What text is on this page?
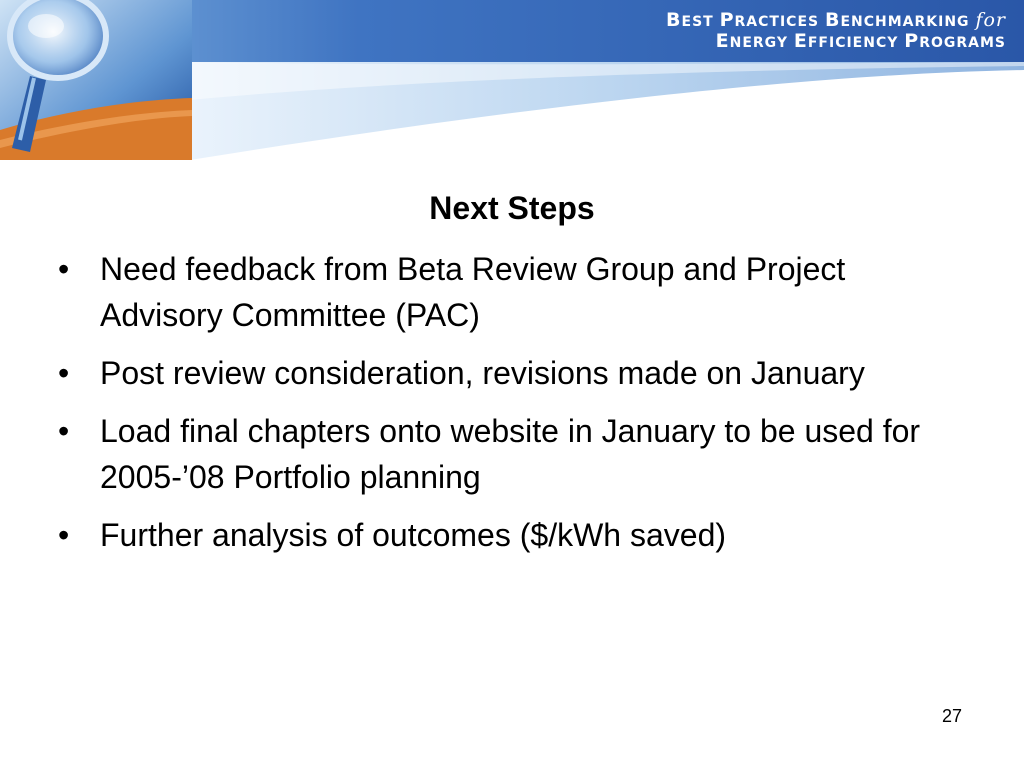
BEST PRACTICES BENCHMARKING for
ENERGY EFFICIENCY PROGRAMS
Next Steps
• Need feedback from Beta Review Group and Project Advisory Committee (PAC)
• Post review consideration, revisions made on January
• Load final chapters onto website in January to be used for 2005-’08 Portfolio planning
• Further analysis of outcomes ($/kWh saved)
27
